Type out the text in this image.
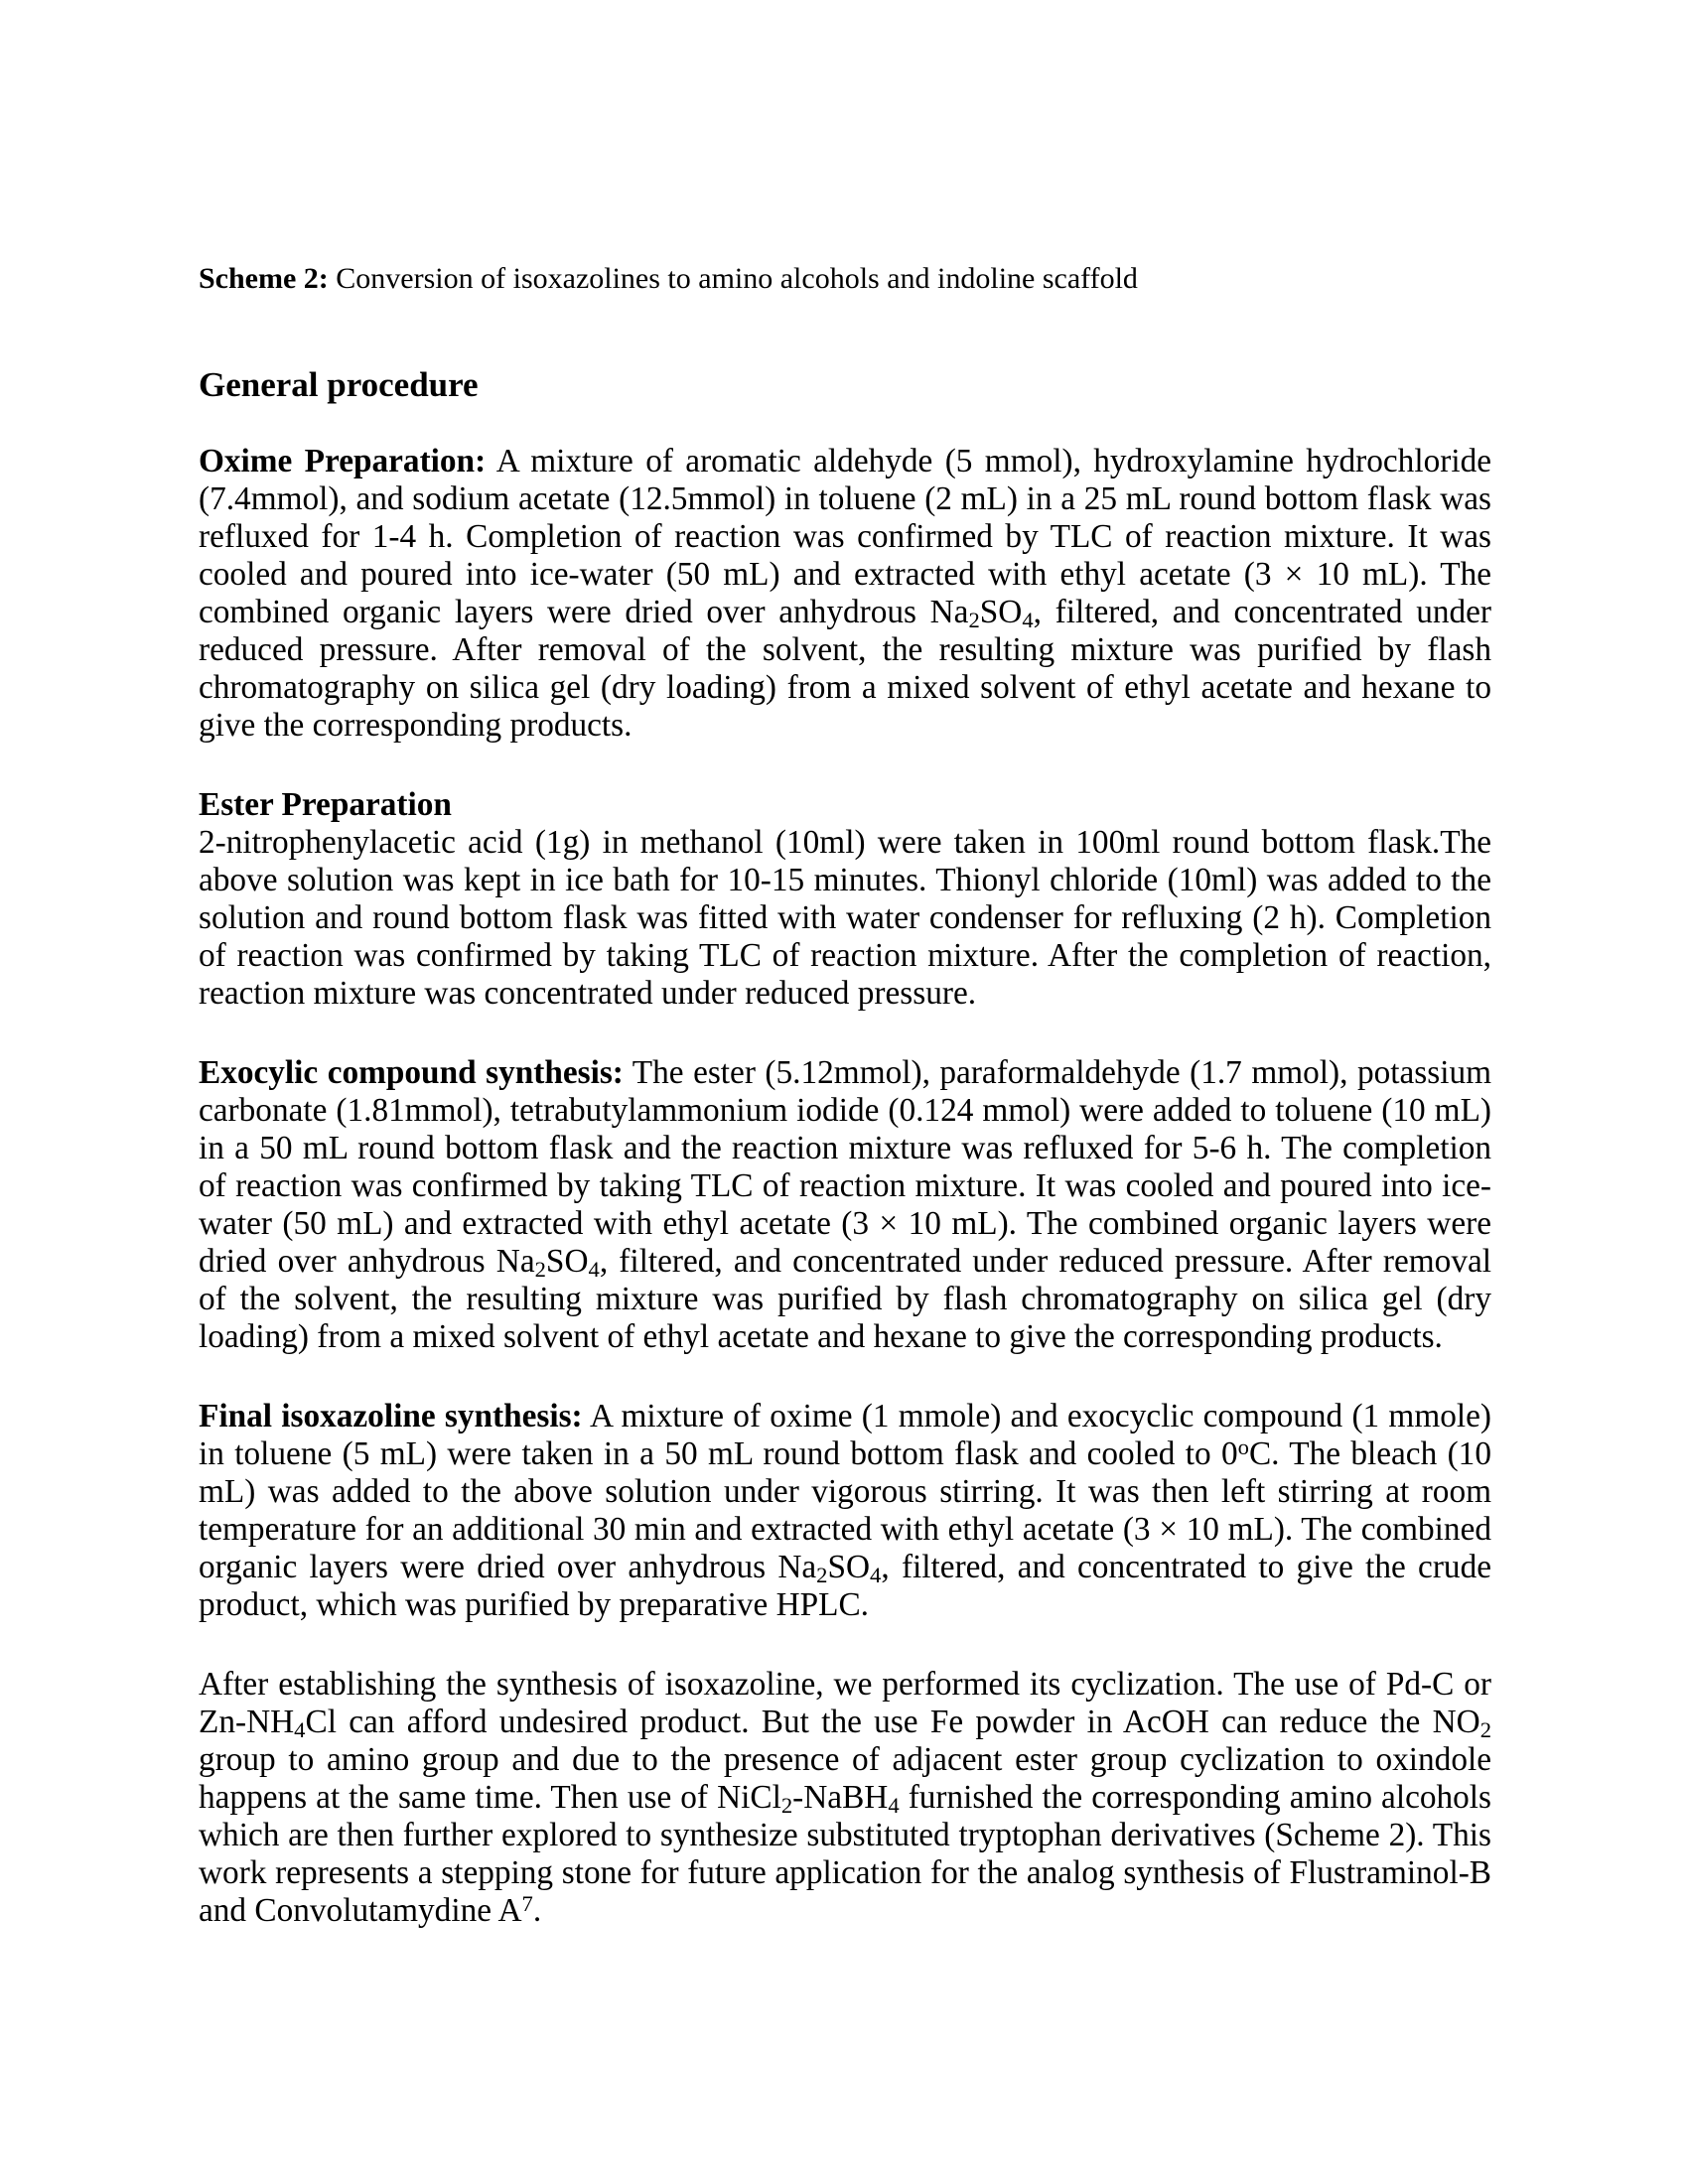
Scheme 2: Conversion of isoxazolines to amino alcohols and indoline scaffold
General procedure
Oxime Preparation: A mixture of aromatic aldehyde (5 mmol), hydroxylamine hydrochloride (7.4mmol), and sodium acetate (12.5mmol) in toluene (2 mL) in a 25 mL round bottom flask was refluxed for 1-4 h. Completion of reaction was confirmed by TLC of reaction mixture. It was cooled and poured into ice-water (50 mL) and extracted with ethyl acetate (3 × 10 mL). The combined organic layers were dried over anhydrous $Na_2SO_4$, filtered, and concentrated under reduced pressure. After removal of the solvent, the resulting mixture was purified by flash chromatography on silica gel (dry loading) from a mixed solvent of ethyl acetate and hexane to give the corresponding products.
Ester Preparation
2-nitrophenylacetic acid (1g) in methanol (10ml) were taken in 100ml round bottom flask.The above solution was kept in ice bath for 10-15 minutes. Thionyl chloride (10ml) was added to the solution and round bottom flask was fitted with water condenser for refluxing (2 h). Completion of reaction was confirmed by taking TLC of reaction mixture. After the completion of reaction, reaction mixture was concentrated under reduced pressure.
Exocylic compound synthesis: The ester (5.12mmol), paraformaldehyde (1.7 mmol), potassium carbonate (1.81mmol), tetrabutylammonium iodide (0.124 mmol) were added to toluene (10 mL) in a 50 mL round bottom flask and the reaction mixture was refluxed for 5-6 h. The completion of reaction was confirmed by taking TLC of reaction mixture. It was cooled and poured into ice-water (50 mL) and extracted with ethyl acetate (3 × 10 mL). The combined organic layers were dried over anhydrous $Na_2SO_4$, filtered, and concentrated under reduced pressure. After removal of the solvent, the resulting mixture was purified by flash chromatography on silica gel (dry loading) from a mixed solvent of ethyl acetate and hexane to give the corresponding products.
Final isoxazoline synthesis: A mixture of oxime (1 mmole) and exocyclic compound (1 mmole) in toluene (5 mL) were taken in a 50 mL round bottom flask and cooled to 0$^o$C. The bleach (10 mL) was added to the above solution under vigorous stirring. It was then left stirring at room temperature for an additional 30 min and extracted with ethyl acetate (3 × 10 mL). The combined organic layers were dried over anhydrous $Na_2SO_4$, filtered, and concentrated to give the crude product, which was purified by preparative HPLC.
After establishing the synthesis of isoxazoline, we performed its cyclization. The use of Pd-C or $Zn-NH_4Cl$ can afford undesired product. But the use Fe powder in AcOH can reduce the $NO_2$ group to amino group and due to the presence of adjacent ester group cyclization to oxindole happens at the same time. Then use of NiCl$_2$-NaBH$_4$ furnished the corresponding amino alcohols which are then further explored to synthesize substituted tryptophan derivatives (Scheme 2). This work represents a stepping stone for future application for the analog synthesis of Flustraminol-B and Convolutamydine $A^7$.
